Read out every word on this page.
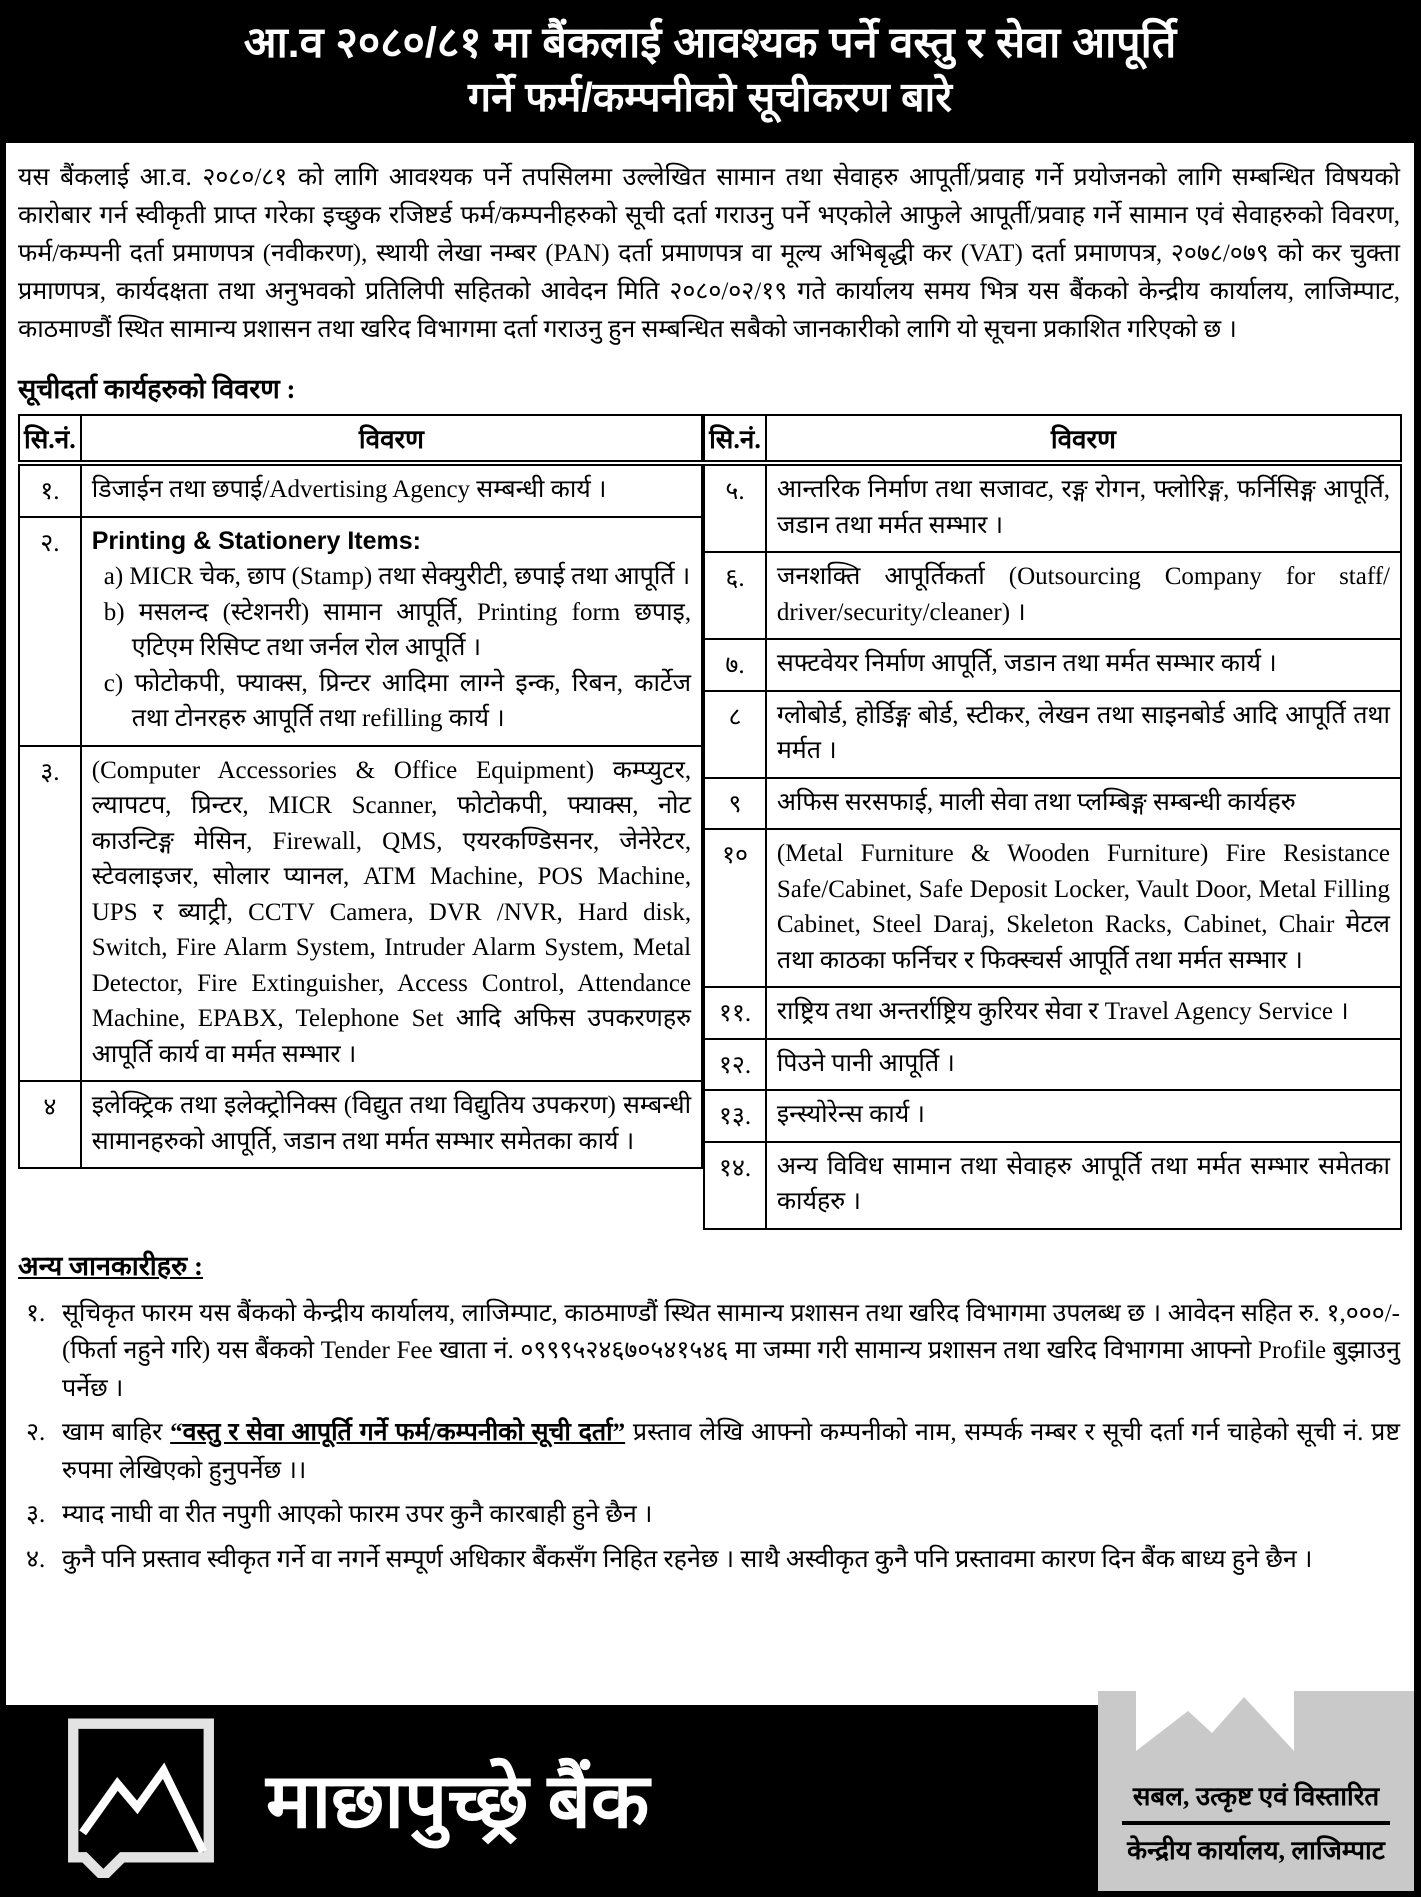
आ.व २०८०/८१ मा बैंकलाई आवश्यक पर्ने वस्तु र सेवा आपूर्ति
गर्ने फर्म/कम्पनीको सूचीकरण बारे

यस बैंकलाई आ.व. २०८०/८१ को लागि आवश्यक पर्ने तपसिलमा उल्लेखित सामान तथा सेवाहरु आपूर्ती/प्रवाह गर्ने प्रयोजनको लागि सम्बन्धित विषयको कारोबार गर्न स्वीकृती प्राप्त गरेका इच्छुक रजिष्टर्ड फर्म/कम्पनीहरुको सूची दर्ता गराउनु पर्ने भएकोले आफुले आपूर्ती/प्रवाह गर्ने सामान एवं सेवाहरुको विवरण, फर्म/कम्पनी दर्ता प्रमाणपत्र (नवीकरण), स्थायी लेखा नम्बर (PAN) दर्ता प्रमाणपत्र वा मूल्य अभिबृद्धी कर (VAT) दर्ता प्रमाणपत्र, २०७८/०७९ को कर चुक्ता प्रमाणपत्र, कार्यदक्षता तथा अनुभवको प्रतिलिपी सहितको आवेदन मिति २०८०/०२/१९ गते कार्यालय समय भित्र यस बैंकको केन्द्रीय कार्यालय, लाजिम्पाट, काठमाण्डौं स्थित सामान्य प्रशासन तथा खरिद विभागमा दर्ता गराउनु हुन सम्बन्धित सबैको जानकारीको लागि यो सूचना प्रकाशित गरिएको छ ।

सूचीदर्ता कार्यहरुको विवरण :
सि.नं.	विवरण
१.	डिजाईन तथा छपाई/Advertising Agency सम्बन्धी कार्य ।

२.	Printing & Stationery Items:
a) MICR चेक, छाप (Stamp) तथा सेक्युरीटी, छपाई तथा आपूर्ति ।
b) मसलन्द (स्टेशनरी) सामान आपूर्ति, Printing form छपाइ, एटिएम रिसिप्ट तथा जर्नल रोल आपूर्ति ।
c) फोटोकपी, फ्याक्स, प्रिन्टर आदिमा लाग्ने इन्क, रिबन, कार्टेज तथा टोनरहरु आपूर्ति तथा refilling कार्य ।

३.	(Computer Accessories & Office Equipment) कम्प्युटर, ल्यापटप, प्रिन्टर, MICR Scanner, फोटोकपी, फ्याक्स, नोट काउन्टिङ्ग मेसिन, Firewall, QMS, एयरकण्डिसनर, जेनेरेटर, स्टेवलाइजर, सोलार प्यानल, ATM Machine, POS Machine, UPS र ब्याट्री, CCTV Camera, DVR /NVR, Hard disk, Switch, Fire Alarm System, Intruder Alarm System, Metal Detector, Fire Extinguisher, Access Control, Attendance Machine, EPABX, Telephone Set आदि अफिस उपकरणहरु आपूर्ति कार्य वा मर्मत सम्भार ।

४	इलेक्ट्रिक तथा इलेक्ट्रोनिक्स (विद्युत तथा विद्युतिय उपकरण) सम्बन्धी सामानहरुको आपूर्ति, जडान तथा मर्मत सम्भार समेतका कार्य ।
सि.नं.	विवरण
५.	आन्तरिक निर्माण तथा सजावट, रङ्ग रोगन, फ्लोरिङ्ग, फर्निसिङ्ग आपूर्ति, जडान तथा मर्मत सम्भार ।

६.	जनशक्ति आपूर्तिकर्ता (Outsourcing Company for staff/ driver/security/cleaner) ।

७.	सफ्टवेयर निर्माण आपूर्ति, जडान तथा मर्मत सम्भार कार्य ।

८	ग्लोबोर्ड, होर्डिङ्ग बोर्ड, स्टीकर, लेखन तथा साइनबोर्ड आदि आपूर्ति तथा मर्मत ।

९	अफिस सरसफाई, माली सेवा तथा प्लम्बिङ्ग सम्बन्धी कार्यहरु

१०	(Metal Furniture & Wooden Furniture) Fire Resistance Safe/Cabinet, Safe Deposit Locker, Vault Door, Metal Filling Cabinet, Steel Daraj, Skeleton Racks, Cabinet, Chair मेटल तथा काठका फर्निचर र फिक्स्चर्स आपूर्ति तथा मर्मत सम्भार ।

११.	राष्ट्रिय तथा अन्तर्राष्ट्रिय कुरियर सेवा र Travel Agency Service ।

१२.	पिउने पानी आपूर्ति ।

१३.	इन्स्योरेन्स कार्य ।

१४.	अन्य विविध सामान तथा सेवाहरु आपूर्ति तथा मर्मत सम्भार समेतका कार्यहरु ।
अन्य जानकारीहरु :
१. सूचिकृत फारम यस बैंकको केन्द्रीय कार्यालय, लाजिम्पाट, काठमाण्डौं स्थित सामान्य प्रशासन तथा खरिद विभागमा उपलब्ध छ । आवेदन सहित रु. १,०००/- (फिर्ता नहुने गरि) यस बैंकको Tender Fee खाता नं. ०९९९५२४६७०५४१५४६ मा जम्मा गरी सामान्य प्रशासन तथा खरिद विभागमा आफ्नो Profile बुझाउनु पर्नेछ ।
२. खाम बाहिर “वस्तु र सेवा आपूर्ति गर्ने फर्म/कम्पनीको सूची दर्ता” प्रस्ताव लेखि आफ्नो कम्पनीको नाम, सम्पर्क नम्बर र सूची दर्ता गर्न चाहेको सूची नं. प्रष्ट रुपमा लेखिएको हुनुपर्नेछ ।।
३. म्याद नाघी वा रीत नपुगी आएको फारम उपर कुनै कारबाही हुने छैन ।
४. कुनै पनि प्रस्ताव स्वीकृत गर्ने वा नगर्ने सम्पूर्ण अधिकार बैंकसँग निहित रहनेछ । साथै अस्वीकृत कुनै पनि प्रस्तावमा कारण दिन बैंक बाध्य हुने छैन ।
माछापुच्छ्रे बैंक	सबल, उत्कृष्ट एवं विस्तारित
केन्द्रीय कार्यालय, लाजिम्पाट
